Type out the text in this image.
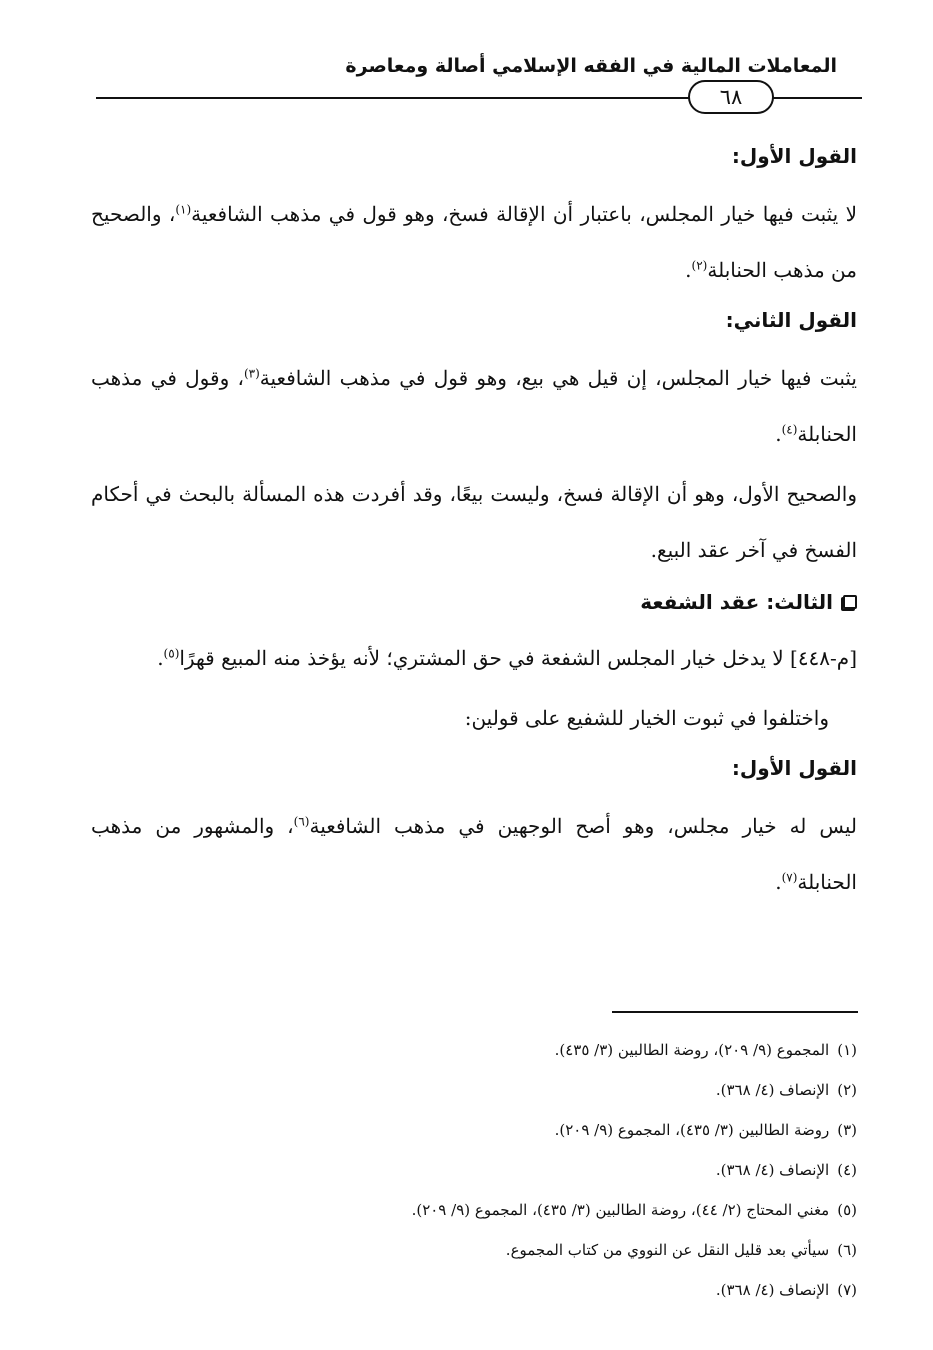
المعاملات المالية في الفقه الإسلامي أصالة ومعاصرة
٦٨
القول الأول:

لا يثبت فيها خيار المجلس، باعتبار أن الإقالة فسخ، وهو قول في مذهب الشافعية$^{(١)}$، والصحيح من مذهب الحنابلة$^{(٢)}$.

القول الثاني:

يثبت فيها خيار المجلس، إن قيل هي بيع، وهو قول في مذهب الشافعية$^{(٣)}$، وقول في مذهب الحنابلة$^{(٤)}$.

والصحيح الأول، وهو أن الإقالة فسخ، وليست بيعًا، وقد أفردت هذه المسألة بالبحث في أحكام الفسخ في آخر عقد البيع.

الثالث: عقد الشفعة

[م-٤٤٨] لا يدخل خيار المجلس الشفعة في حق المشتري؛ لأنه يؤخذ منه المبيع قهرًا$^{(٥)}$.

واختلفوا في ثبوت الخيار للشفيع على قولين:

القول الأول:

ليس له خيار مجلس، وهو أصح الوجهين في مذهب الشافعية$^{(٦)}$، والمشهور من مذهب الحنابلة$^{(٧)}$.

(١)المجموع (٩/ ٢٠٩)، روضة الطالبين (٣/ ٤٣٥).
(٢)الإنصاف (٤/ ٣٦٨).
(٣)روضة الطالبين (٣/ ٤٣٥)، المجموع (٩/ ٢٠٩).
(٤)الإنصاف (٤/ ٣٦٨).
(٥)مغني المحتاج (٢/ ٤٤)، روضة الطالبين (٣/ ٤٣٥)، المجموع (٩/ ٢٠٩).
(٦)سيأتي بعد قليل النقل عن النووي من كتاب المجموع.
(٧)الإنصاف (٤/ ٣٦٨).
